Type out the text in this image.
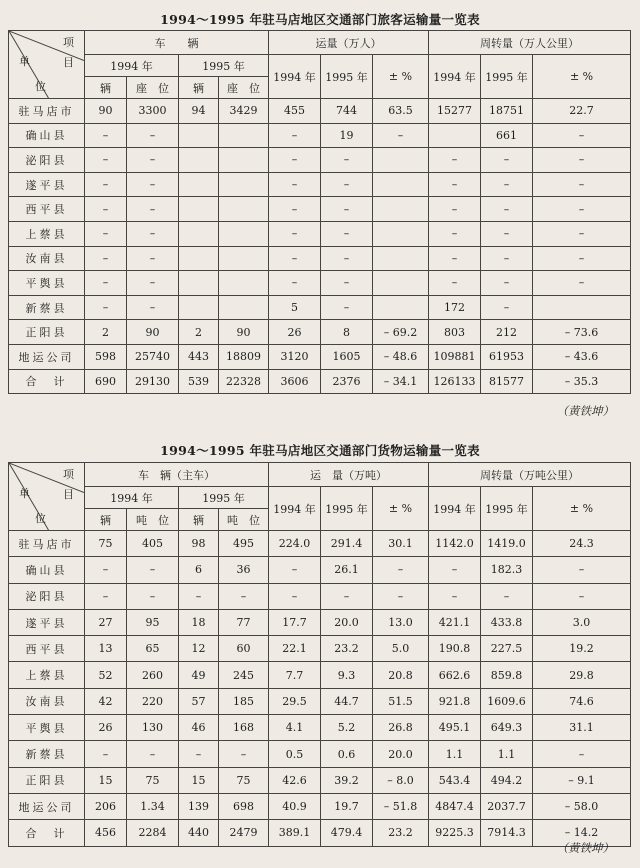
1994～1995 年驻马店地区交通部门旅客运输量一览表
项
目
单
位	车　　辆				运量（万人）			周转量（万人公里）		
	1994 年		1995 年		1994 年	1995 年	± %	1994 年	1995 年	± %
	辆	座　位	辆	座　位						
驻马店市	90	3300	94	3429	455	744	63.5	15277	18751	22.7
确山县	–	–			–	19	–		661	–
泌阳县	–	–			–	–		–	–	–
遂平县	–	–			–	–		–	–	–
西平县	–	–			–	–		–	–	–
上蔡县	–	–			–	–		–	–	–
汝南县	–	–			–	–		–	–	–
平舆县	–	–			–	–		–	–	–
新蔡县	–	–			5	–		172	–	
正阳县	2	90	2	90	26	8	– 69.2	803	212	– 73.6
地运公司	598	25740	443	18809	3120	1605	– 48.6	109881	61953	– 43.6
合　计	690	29130	539	22328	3606	2376	– 34.1	126133	81577	– 35.3
（黄铁坤）
1994～1995 年驻马店地区交通部门货物运输量一览表
项
目
单
位	车　辆（主车）				运　量（万吨）			周转量（万吨公里）		
	1994 年		1995 年		1994 年	1995 年	± %	1994 年	1995 年	± %
	辆	吨　位	辆	吨　位						
驻马店市	75	405	98	495	224.0	291.4	30.1	1142.0	1419.0	24.3
确山县	–	–	6	36	–	26.1	–	–	182.3	–
泌阳县	–	–	–	–	–	–	–	–	–	–
遂平县	27	95	18	77	17.7	20.0	13.0	421.1	433.8	3.0
西平县	13	65	12	60	22.1	23.2	5.0	190.8	227.5	19.2
上蔡县	52	260	49	245	7.7	9.3	20.8	662.6	859.8	29.8
汝南县	42	220	57	185	29.5	44.7	51.5	921.8	1609.6	74.6
平舆县	26	130	46	168	4.1	5.2	26.8	495.1	649.3	31.1
新蔡县	–	–	–	–	0.5	0.6	20.0	1.1	1.1	–
正阳县	15	75	15	75	42.6	39.2	– 8.0	543.4	494.2	– 9.1
地运公司	206	1.34	139	698	40.9	19.7	– 51.8	4847.4	2037.7	– 58.0
合　计	456	2284	440	2479	389.1	479.4	23.2	9225.3	7914.3	– 14.2
（黄铁坤）
